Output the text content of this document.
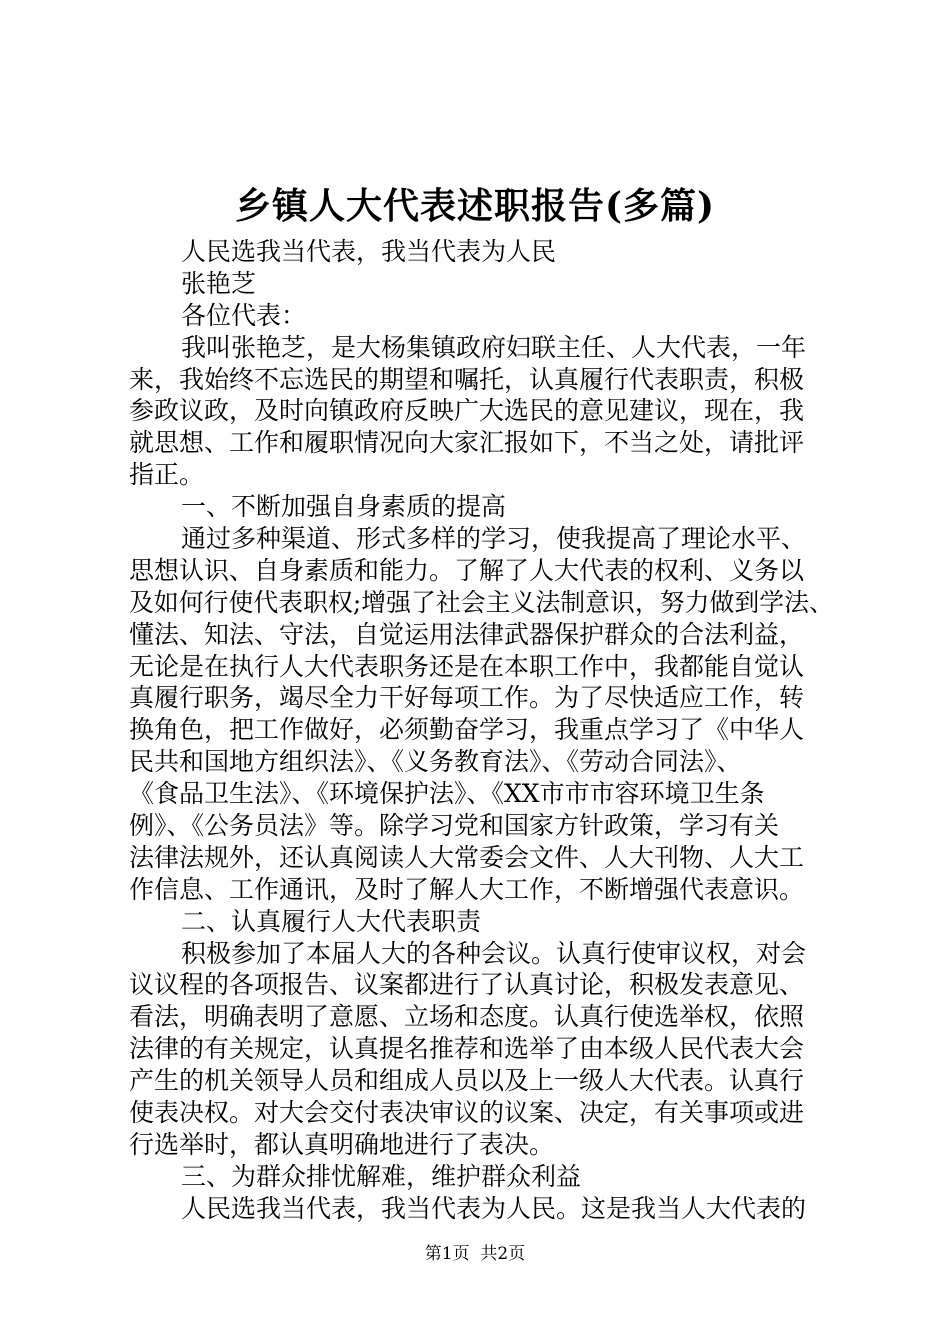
乡镇人大代表述职报告(多篇)
人民选我当代表，我当代表为人民
张艳芝
各位代表：
我叫张艳芝，是大杨集镇政府妇联主任、人大代表，一年
来，我始终不忘选民的期望和嘱托，认真履行代表职责，积极
参政议政，及时向镇政府反映广大选民的意见建议，现在，我
就思想、工作和履职情况向大家汇报如下，不当之处，请批评
指正。
一、不断加强自身素质的提高
通过多种渠道、形式多样的学习，使我提高了理论水平、
思想认识、自身素质和能力。了解了人大代表的权利、义务以
及如何行使代表职权;增强了社会主义法制意识，努力做到学法、
懂法、知法、守法，自觉运用法律武器保护群众的合法利益，
无论是在执行人大代表职务还是在本职工作中，我都能自觉认
真履行职务，竭尽全力干好每项工作。为了尽快适应工作，转
换角色，把工作做好，必须勤奋学习，我重点学习了《中华人
民共和国地方组织法》、《义务教育法》、《劳动合同法》、
《食品卫生法》、《环境保护法》、《XX市市市容环境卫生条
例》、《公务员法》等。除学习党和国家方针政策，学习有关
法律法规外，还认真阅读人大常委会文件、人大刊物、人大工
作信息、工作通讯，及时了解人大工作，不断增强代表意识。
二、认真履行人大代表职责
积极参加了本届人大的各种会议。认真行使审议权，对会
议议程的各项报告、议案都进行了认真讨论，积极发表意见、
看法，明确表明了意愿、立场和态度。认真行使选举权，依照
法律的有关规定，认真提名推荐和选举了由本级人民代表大会
产生的机关领导人员和组成人员以及上一级人大代表。认真行
使表决权。对大会交付表决审议的议案、决定，有关事项或进
行选举时，都认真明确地进行了表决。
三、为群众排忧解难，维护群众利益
人民选我当代表，我当代表为人民。这是我当人大代表的
第1页  共2页
